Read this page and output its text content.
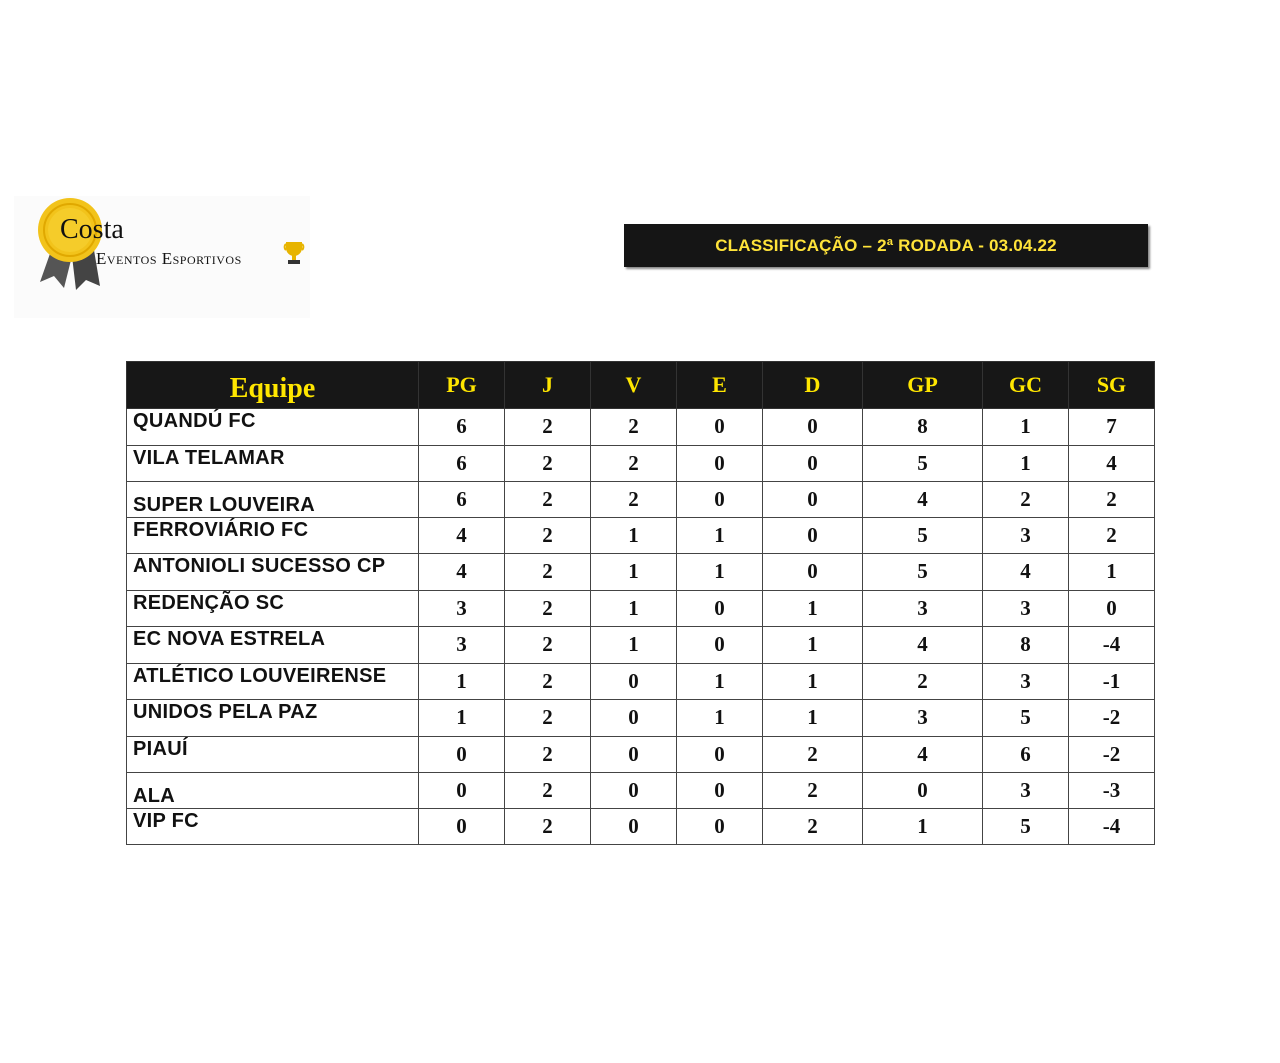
Costa
Eventos Esportivos
CLASSIFICAÇÃO – 2ª RODADA - 03.04.22
Equipe	PG	J	V	E	D	GP	GC	SG
QUANDÚ FC	6	2	2	0	0	8	1	7
VILA TELAMAR	6	2	2	0	0	5	1	4
SUPER LOUVEIRA	6	2	2	0	0	4	2	2
FERROVIÁRIO FC	4	2	1	1	0	5	3	2
ANTONIOLI SUCESSO CP	4	2	1	1	0	5	4	1
REDENÇÃO SC	3	2	1	0	1	3	3	0
EC NOVA ESTRELA	3	2	1	0	1	4	8	-4
ATLÉTICO LOUVEIRENSE	1	2	0	1	1	2	3	-1
UNIDOS PELA PAZ	1	2	0	1	1	3	5	-2
PIAUÍ	0	2	0	0	2	4	6	-2
ALA	0	2	0	0	2	0	3	-3
VIP FC	0	2	0	0	2	1	5	-4
